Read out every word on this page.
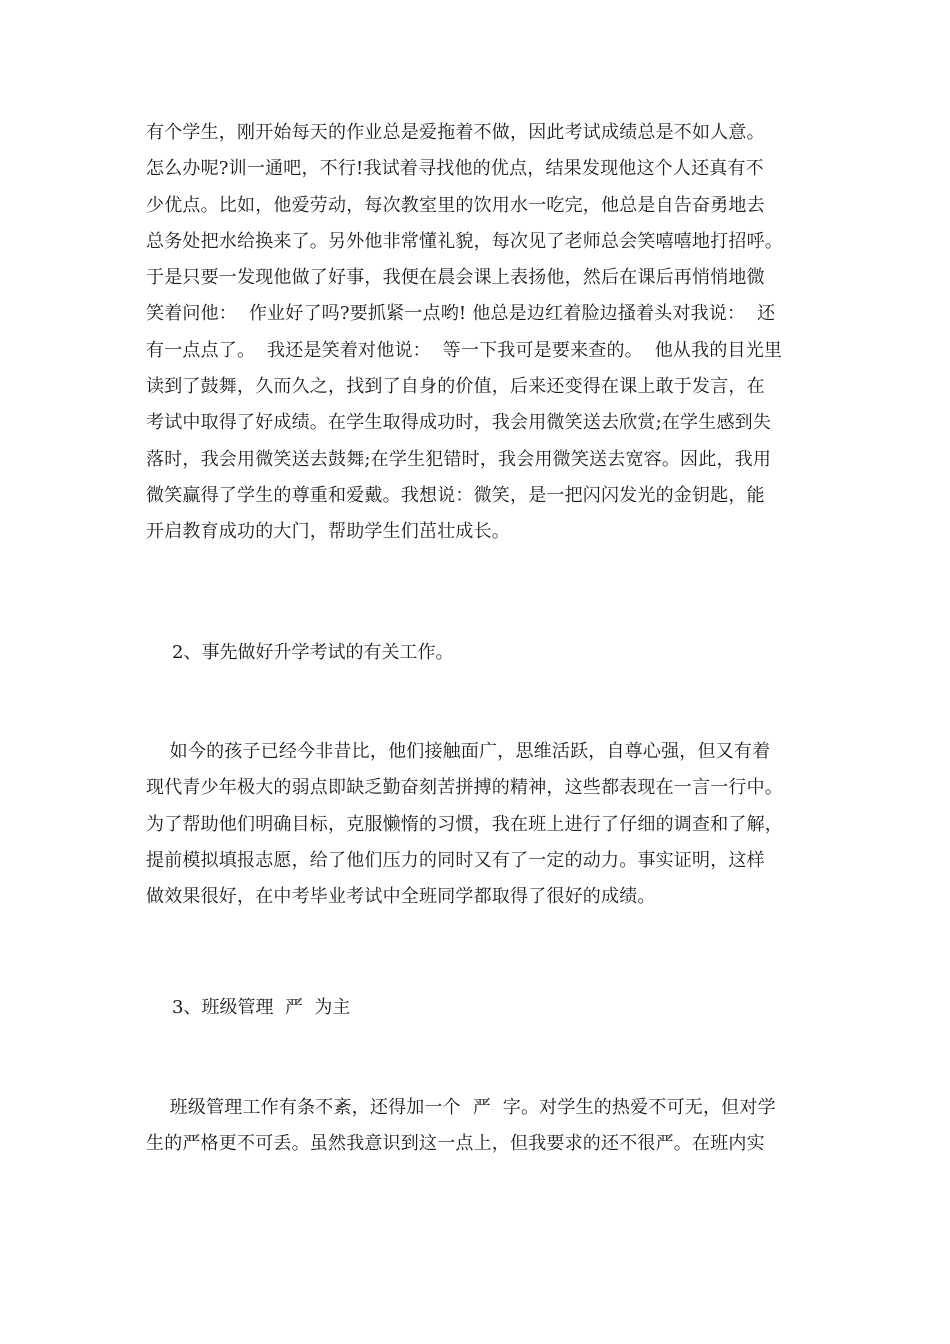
有个学生，刚开始每天的作业总是爱拖着不做，因此考试成绩总是不如人意。
怎么办呢?训一通吧，不行!我试着寻找他的优点，结果发现他这个人还真有不
少优点。比如，他爱劳动，每次教室里的饮用水一吃完，他总是自告奋勇地去
总务处把水给换来了。另外他非常懂礼貌，每次见了老师总会笑嘻嘻地打招呼。
于是只要一发现他做了好事，我便在晨会课上表扬他，然后在课后再悄悄地微
笑着问他：  作业好了吗?要抓紧一点哟! 他总是边红着脸边搔着头对我说：  还
有一点点了。  我还是笑着对他说：  等一下我可是要来查的。  他从我的目光里
读到了鼓舞，久而久之，找到了自身的价值，后来还变得在课上敢于发言，在
考试中取得了好成绩。在学生取得成功时，我会用微笑送去欣赏;在学生感到失
落时，我会用微笑送去鼓舞;在学生犯错时，我会用微笑送去宽容。因此，我用
微笑赢得了学生的尊重和爱戴。我想说：微笑，是一把闪闪发光的金钥匙，能
开启教育成功的大门，帮助学生们茁壮成长。
2、事先做好升学考试的有关工作。
如今的孩子已经今非昔比，他们接触面广，思维活跃，自尊心强，但又有着
现代青少年极大的弱点即缺乏勤奋刻苦拼搏的精神，这些都表现在一言一行中。
为了帮助他们明确目标，克服懒惰的习惯，我在班上进行了仔细的调查和了解，
提前模拟填报志愿，给了他们压力的同时又有了一定的动力。事实证明，这样
做效果很好，在中考毕业考试中全班同学都取得了很好的成绩。
3、班级管理  严  为主
班级管理工作有条不紊，还得加一个  严  字。对学生的热爱不可无，但对学
生的严格更不可丢。虽然我意识到这一点上，但我要求的还不很严。在班内实
